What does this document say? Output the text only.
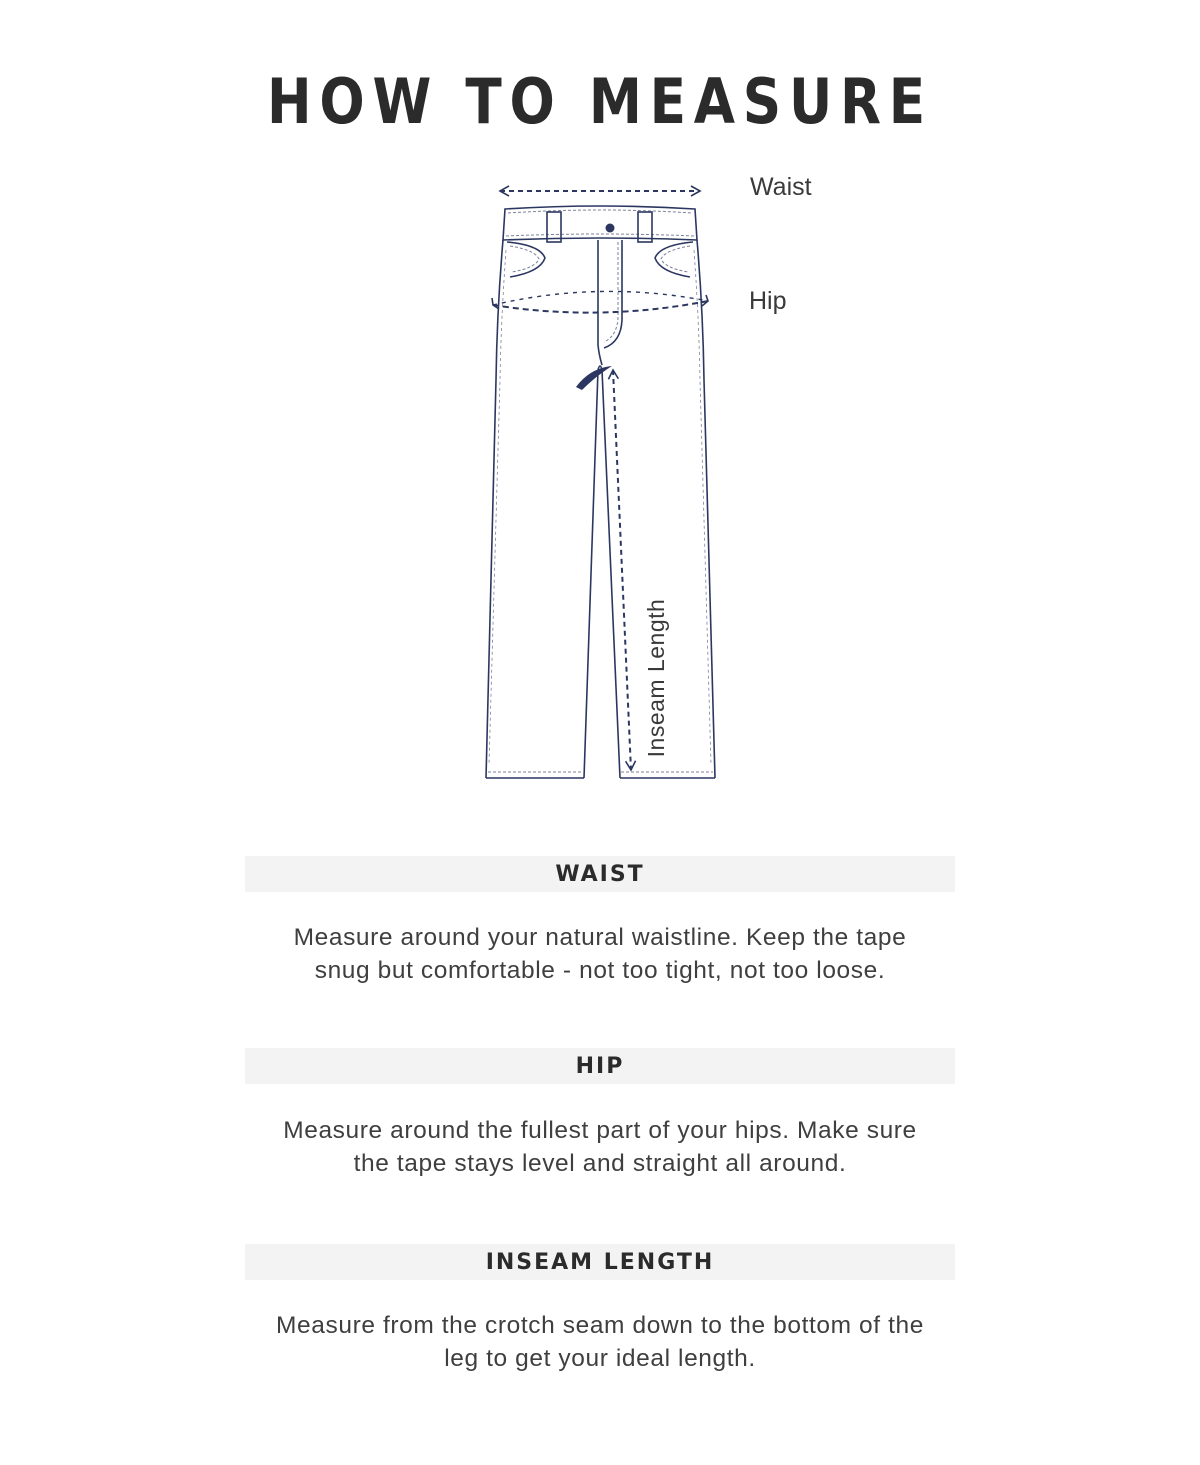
HOW TO MEASURE
Waist
Hip
Inseam Length
WAIST
Measure around your natural waistline. Keep the tape
snug but comfortable - not too tight, not too loose.
HIP
Measure around the fullest part of your hips. Make sure
the tape stays level and straight all around.
INSEAM LENGTH
Measure from the crotch seam down to the bottom of the
leg to get your ideal length.
